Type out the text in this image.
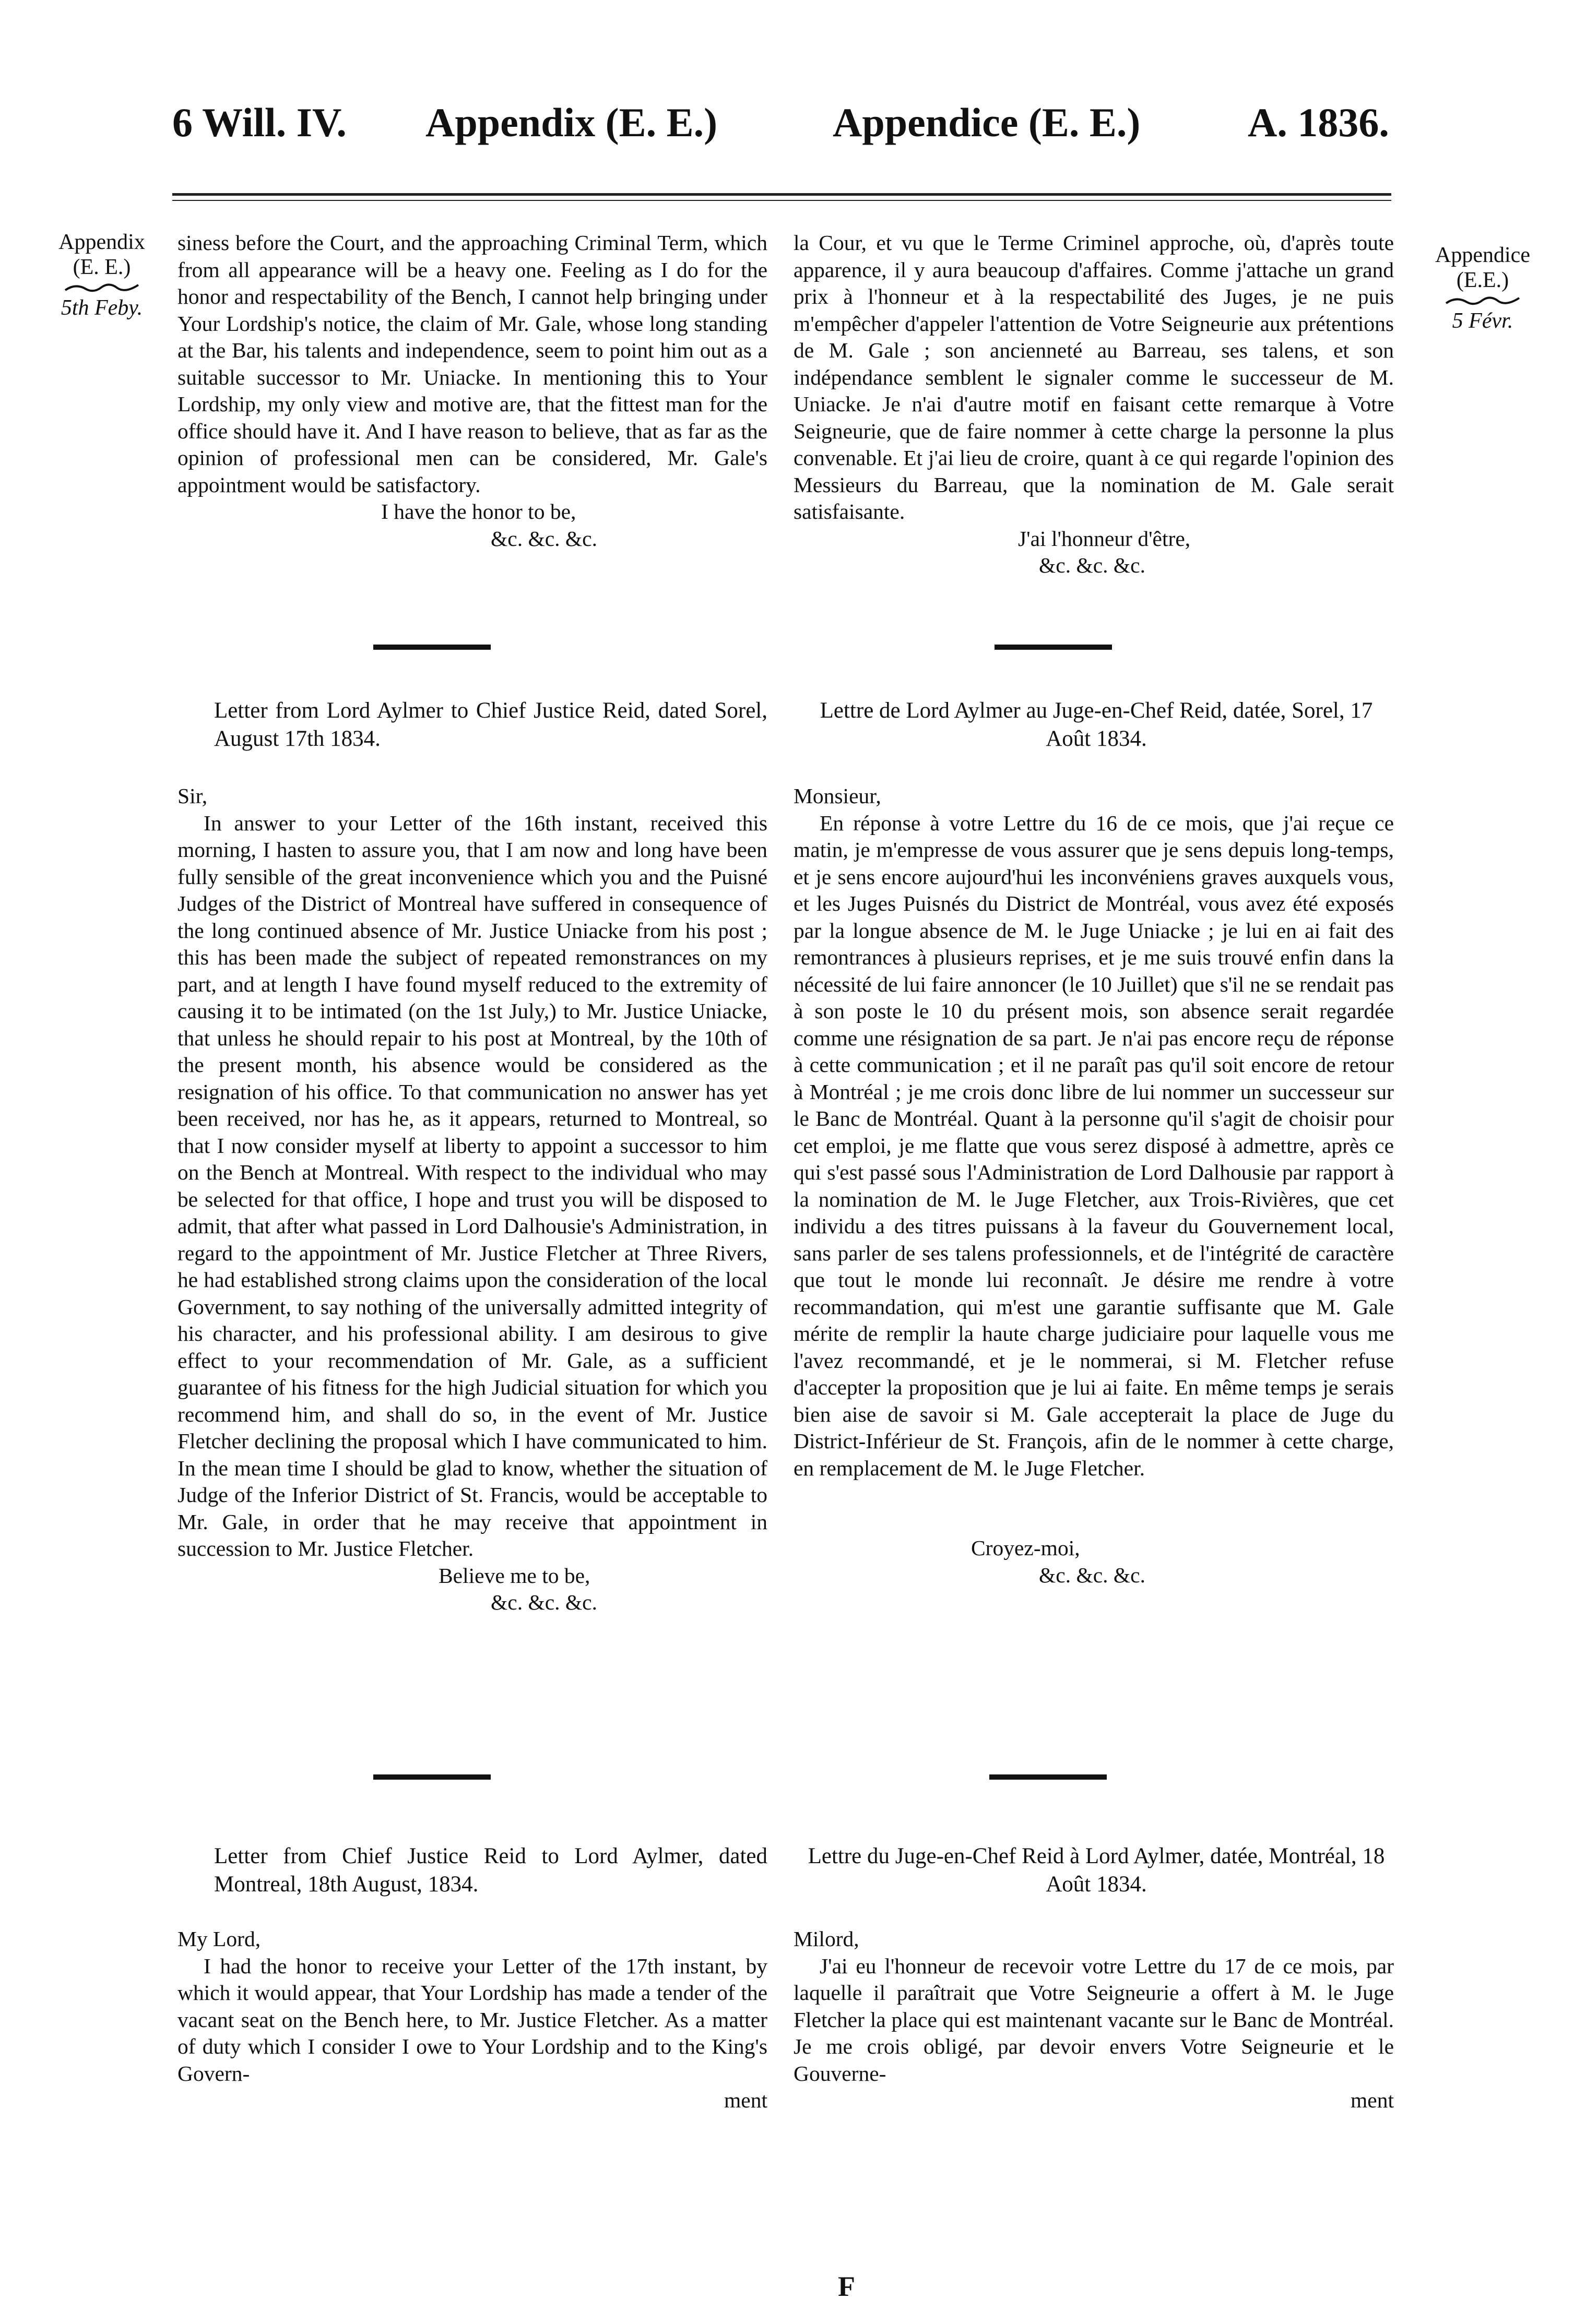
6 Will. IV. Appendix (E. E.)	Appendice (E. E.)	A. 1836.
Appendix
(E. E.)
5th Feby.
Appendice
(E.E.)
5 Févr.

siness before the Court, and the approaching Criminal Term, which from all appearance will be a heavy one. Feeling as I do for the honor and respectability of the Bench, I cannot help bringing under Your Lordship's notice, the claim of Mr. Gale, whose long standing at the Bar, his talents and independence, seem to point him out as a suitable successor to Mr. Uniacke. In mentioning this to Your Lordship, my only view and motive are, that the fittest man for the office should have it. And I have reason to believe, that as far as the opinion of professional men can be considered, Mr. Gale's appointment would be satisfactory.

I have the honor to be,

&c. &c. &c.

la Cour, et vu que le Terme Criminel approche, où, d'après toute apparence, il y aura beaucoup d'affaires. Comme j'attache un grand prix à l'honneur et à la respectabilité des Juges, je ne puis m'empêcher d'appeler l'attention de Votre Seigneurie aux prétentions de M. Gale ; son ancienneté au Barreau, ses talens, et son indépendance semblent le signaler comme le successeur de M. Uniacke. Je n'ai d'autre motif en faisant cette remarque à Votre Seigneurie, que de faire nommer à cette charge la personne la plus convenable. Et j'ai lieu de croire, quant à ce qui regarde l'opinion des Messieurs du Barreau, que la nomination de M. Gale serait satisfaisante.

J'ai l'honneur d'être,

&c. &c. &c.

Letter from Lord Aylmer to Chief Justice Reid, dated Sorel, August 17th 1834.
Lettre de Lord Aylmer au Juge-en-Chef Reid, datée, Sorel, 17 Août 1834.

Sir,

In answer to your Letter of the 16th instant, received this morning, I hasten to assure you, that I am now and long have been fully sensible of the great inconvenience which you and the Puisné Judges of the District of Montreal have suffered in consequence of the long continued absence of Mr. Justice Uniacke from his post ; this has been made the subject of repeated remonstrances on my part, and at length I have found myself reduced to the extremity of causing it to be intimated (on the 1st July,) to Mr. Justice Uniacke, that unless he should repair to his post at Montreal, by the 10th of the present month, his absence would be considered as the resignation of his office. To that communication no answer has yet been received, nor has he, as it appears, returned to Montreal, so that I now consider myself at liberty to appoint a successor to him on the Bench at Montreal. With respect to the individual who may be selected for that office, I hope and trust you will be disposed to admit, that after what passed in Lord Dalhousie's Administration, in regard to the appointment of Mr. Justice Fletcher at Three Rivers, he had established strong claims upon the consideration of the local Government, to say nothing of the universally admitted integrity of his character, and his professional ability. I am desirous to give effect to your recommendation of Mr. Gale, as a sufficient guarantee of his fitness for the high Judicial situation for which you recommend him, and shall do so, in the event of Mr. Justice Fletcher declining the proposal which I have communicated to him. In the mean time I should be glad to know, whether the situation of Judge of the Inferior District of St. Francis, would be acceptable to Mr. Gale, in order that he may receive that appointment in succession to Mr. Justice Fletcher.

Believe me to be,

&c. &c. &c.

Monsieur,

En réponse à votre Lettre du 16 de ce mois, que j'ai reçue ce matin, je m'empresse de vous assurer que je sens depuis long-temps, et je sens encore aujourd'hui les inconvéniens graves auxquels vous, et les Juges Puisnés du District de Montréal, vous avez été exposés par la longue absence de M. le Juge Uniacke ; je lui en ai fait des remontrances à plusieurs reprises, et je me suis trouvé enfin dans la nécessité de lui faire annoncer (le 10 Juillet) que s'il ne se rendait pas à son poste le 10 du présent mois, son absence serait regardée comme une résignation de sa part. Je n'ai pas encore reçu de réponse à cette communication ; et il ne paraît pas qu'il soit encore de retour à Montréal ; je me crois donc libre de lui nommer un successeur sur le Banc de Montréal. Quant à la personne qu'il s'agit de choisir pour cet emploi, je me flatte que vous serez disposé à admettre, après ce qui s'est passé sous l'Administration de Lord Dalhousie par rapport à la nomination de M. le Juge Fletcher, aux Trois-Rivières, que cet individu a des titres puissans à la faveur du Gouvernement local, sans parler de ses talens professionnels, et de l'intégrité de caractère que tout le monde lui reconnaît. Je désire me rendre à votre recommandation, qui m'est une garantie suffisante que M. Gale mérite de remplir la haute charge judiciaire pour laquelle vous me l'avez recommandé, et je le nommerai, si M. Fletcher refuse d'accepter la proposition que je lui ai faite. En même temps je serais bien aise de savoir si M. Gale accepterait la place de Juge du District-Inférieur de St. François, afin de le nommer à cette charge, en remplacement de M. le Juge Fletcher.

Croyez-moi,

&c. &c. &c.

Letter from Chief Justice Reid to Lord Aylmer, dated Montreal, 18th August, 1834.
Lettre du Juge-en-Chef Reid à Lord Aylmer, datée, Montréal, 18 Août 1834.

My Lord,

I had the honor to receive your Letter of the 17th instant, by which it would appear, that Your Lordship has made a tender of the vacant seat on the Bench here, to Mr. Justice Fletcher. As a matter of duty which I consider I owe to Your Lordship and to the King's Govern-

ment

Milord,

J'ai eu l'honneur de recevoir votre Lettre du 17 de ce mois, par laquelle il paraîtrait que Votre Seigneurie a offert à M. le Juge Fletcher la place qui est maintenant vacante sur le Banc de Montréal. Je me crois obligé, par devoir envers Votre Seigneurie et le Gouverne-

ment
F
